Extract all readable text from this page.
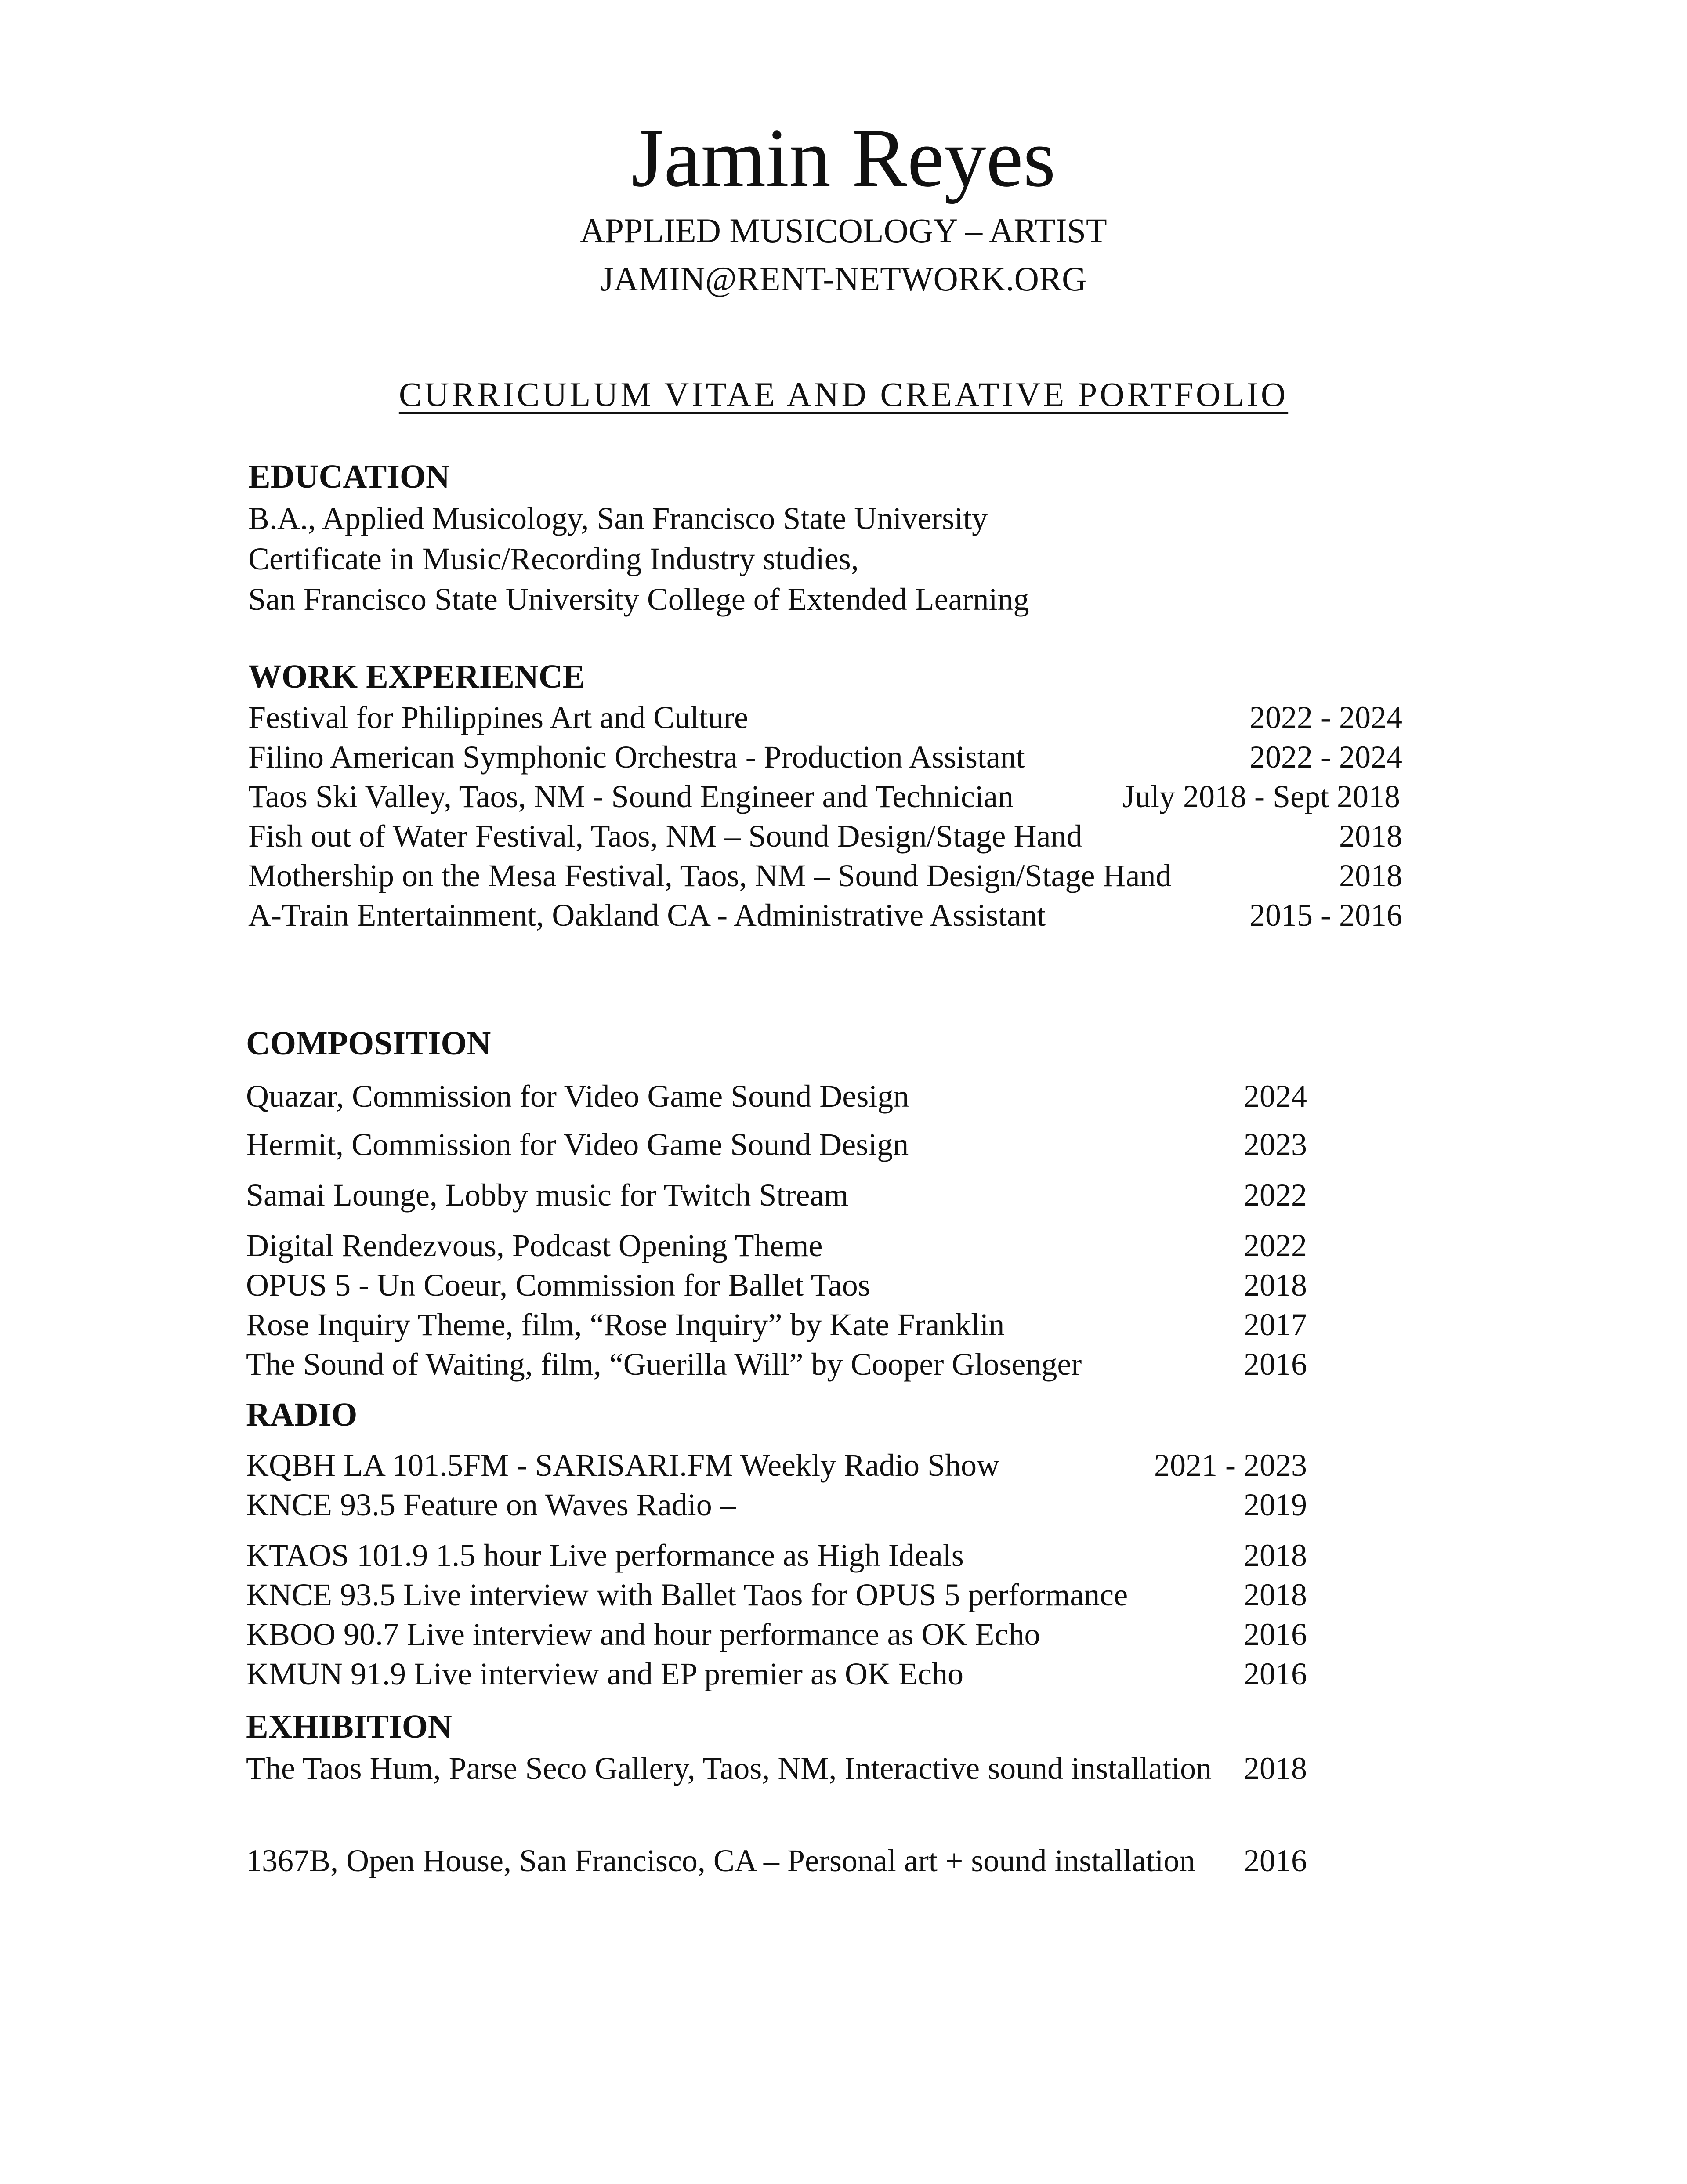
Jamin Reyes
APPLIED MUSICOLOGY – ARTIST
JAMIN@RENT-NETWORK.ORG
CURRICULUM VITAE AND CREATIVE PORTFOLIO
EDUCATION
B.A., Applied Musicology, San Francisco State University
Certificate in Music/Recording Industry studies,
San Francisco State University College of Extended Learning
WORK EXPERIENCE
Festival for Philippines Art and Culture	2022 - 2024
Filino American Symphonic Orchestra - Production Assistant	2022 - 2024
Taos Ski Valley, Taos, NM - Sound Engineer and Technician	July 2018 - Sept 2018
Fish out of Water Festival, Taos, NM – Sound Design/Stage Hand	2018
Mothership on the Mesa Festival, Taos, NM – Sound Design/Stage Hand	2018
A-Train Entertainment, Oakland CA - Administrative Assistant	2015 - 2016
COMPOSITION
Quazar, Commission for Video Game Sound Design	2024
Hermit, Commission for Video Game Sound Design	2023
Samai Lounge, Lobby music for Twitch Stream	2022
Digital Rendezvous, Podcast Opening Theme	2022
OPUS 5 - Un Coeur, Commission for Ballet Taos	2018
Rose Inquiry Theme, film, “Rose Inquiry” by Kate Franklin	2017
The Sound of Waiting, film, “Guerilla Will” by Cooper Glosenger	2016
RADIO
KQBH LA 101.5FM - SARISARI.FM Weekly Radio Show	2021 - 2023
KNCE 93.5 Feature on Waves Radio –	2019
KTAOS 101.9 1.5 hour Live performance as High Ideals	2018
KNCE 93.5 Live interview with Ballet Taos for OPUS 5 performance	2018
KBOO 90.7 Live interview and hour performance as OK Echo	2016
KMUN 91.9 Live interview and EP premier as OK Echo	2016
EXHIBITION
The Taos Hum, Parse Seco Gallery, Taos, NM, Interactive sound installation	2018
1367B, Open House, San Francisco, CA – Personal art + sound installation	2016
